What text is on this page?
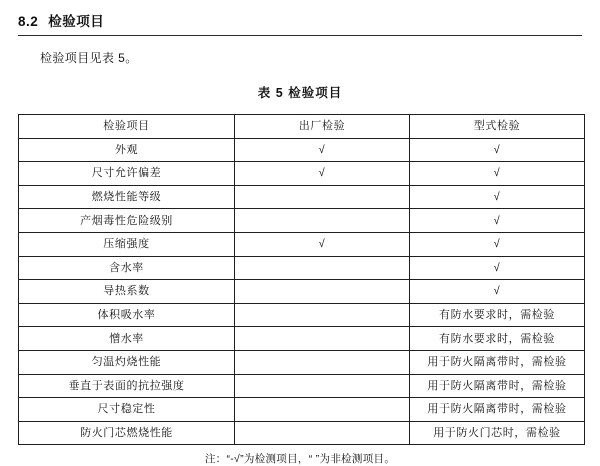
8.2 检验项目

检验项目见表 5。

表 5 检验项目
检验项目	出厂检验	型式检验
外观	√	√
尺寸允许偏差	√	√
燃烧性能等级		√
产烟毒性危险级别		√
压缩强度	√	√
含水率		√
导热系数		√
体积吸水率		有防水要求时，需检验
憎水率		有防水要求时，需检验
匀温灼烧性能		用于防火隔离带时，需检验
垂直于表面的抗拉强度		用于防火隔离带时，需检验
尺寸稳定性		用于防火隔离带时，需检验
防火门芯燃烧性能		用于防火门芯时，需检验
注：“-√”为检测项目，“ ”为非检测项目。
